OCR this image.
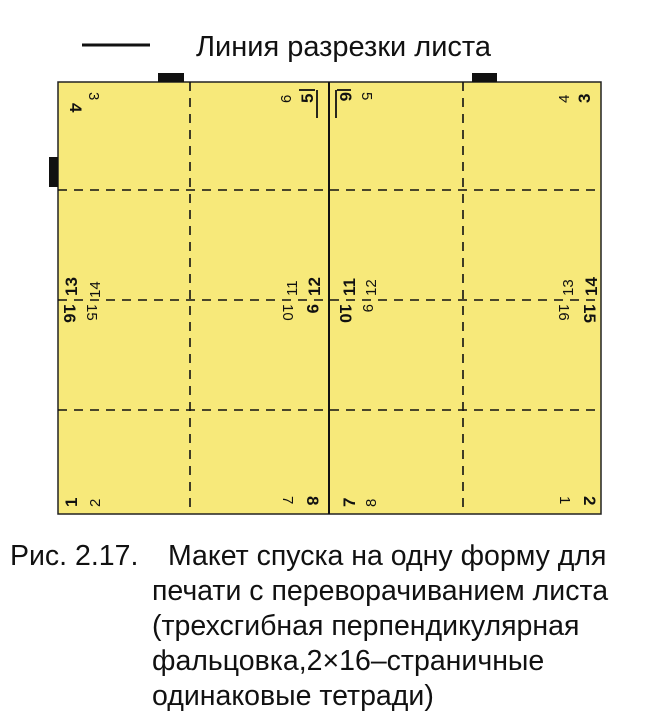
Линия разрезки листа
4
3	5
6 6 5	3
4
13 14
16 15
12
11
9
10
11 12
10 9
14
13
15
16
1 2	8
7	7 8	2
1
Рис. 2.17. Макет спуска на одну форму для
печати с переворачиванием листа
(трехсгибная перпендикулярная
фальцовка,2×16–страничные
одинаковые тетради)
